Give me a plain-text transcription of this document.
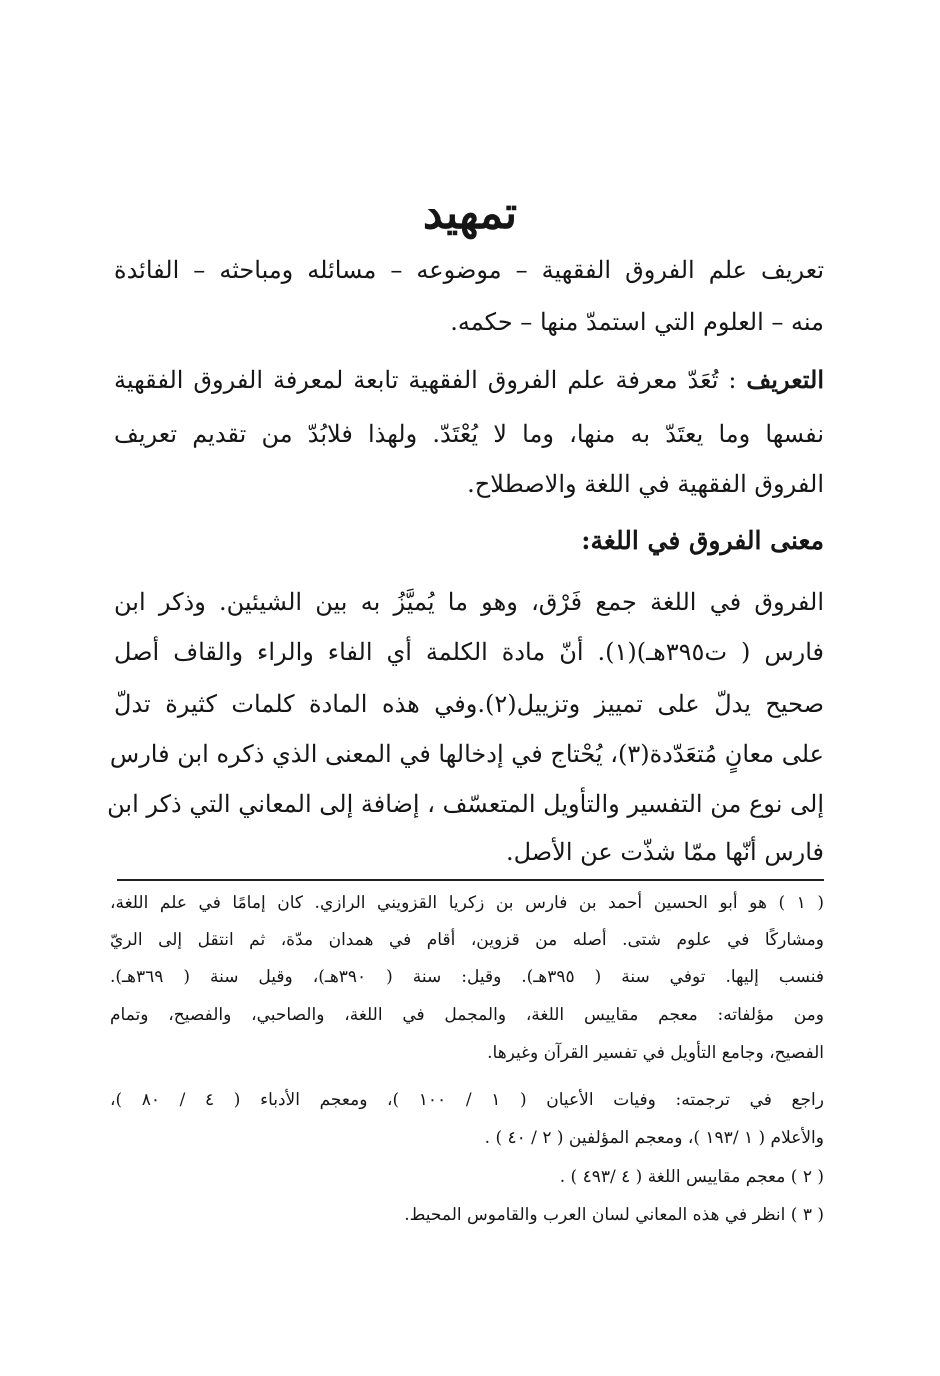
تمهيد
تعريف علم الفروق الفقهية – موضوعه – مسائله ومباحثه – الفائدة
منه – العلوم التي استمدّ منها – حكمه.
التعريف : تُعَدّ معرفة علم الفروق الفقهية تابعة لمعرفة الفروق الفقهية
نفسها وما يعتَدّ به منها، وما لا يُعْتَدّ. ولهذا فلابُدّ من تقديم تعريف
الفروق الفقهية في اللغة والاصطلاح.
معنى الفروق في اللغة:
الفروق في اللغة جمع فَرْق، وهو ما يُميَّزُ به بين الشيئين. وذكر ابن
فارس ( ت٣٩٥هـ)(١). أنّ مادة الكلمة أي الفاء والراء والقاف أصل
صحيح يدلّ على تمييز وتزييل(٢).وفي هذه المادة كلمات كثيرة تدلّ
على معانٍ مُتعَدّدة(٣)، يُحْتاج في إدخالها في المعنى الذي ذكره ابن فارس
إلى نوع من التفسير والتأويل المتعسّف ، إضافة إلى المعاني التي ذكر ابن
فارس أنّها ممّا شذّت عن الأصل.
( ١ ) هو أبو الحسين أحمد بن فارس بن زكريا القزويني الرازي. كان إمامًا في علم اللغة،
ومشاركًا في علوم شتى. أصله من قزوين، أقام في همدان مدّة، ثم انتقل إلى الريّ
فنسب إليها. توفي سنة ( ٣٩٥هـ). وقيل: سنة ( ٣٩٠هـ)، وقيل سنة ( ٣٦٩هـ).
ومن مؤلفاته: معجم مقاييس اللغة، والمجمل في اللغة، والصاحبي، والفصيح، وتمام
الفصيح، وجامع التأويل في تفسير القرآن وغيرها.
راجع في ترجمته: وفيات الأعيان ( ١ / ١٠٠ )، ومعجم الأدباء ( ٤ / ٨٠ )،
والأعلام ( ١ /١٩٣ )، ومعجم المؤلفين ( ٢ / ٤٠ ) .
( ٢ ) معجم مقاييس اللغة ( ٤ /٤٩٣ ) .
( ٣ ) انظر في هذه المعاني لسان العرب والقاموس المحيط.
